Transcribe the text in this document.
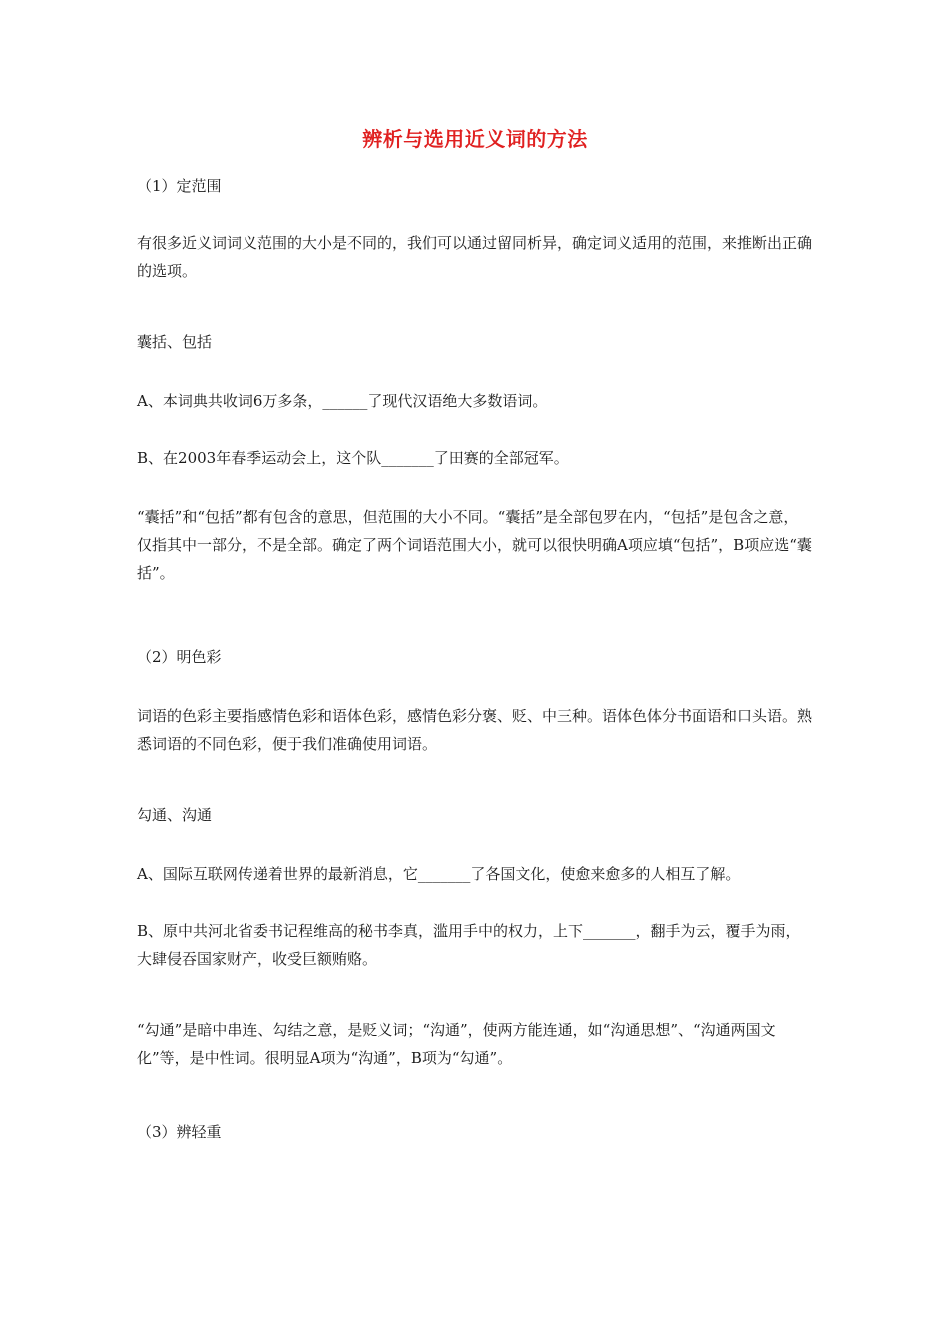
辨析与选用近义词的方法
（1）定范围
有很多近义词词义范围的大小是不同的，我们可以通过留同析异，确定词义适用的范围，来推断出正确的选项。
囊括、包括
A、本词典共收词6万多条，______了现代汉语绝大多数语词。
B、在2003年春季运动会上，这个队_______了田赛的全部冠军。
“囊括”和“包括”都有包含的意思，但范围的大小不同。“囊括”是全部包罗在内，“包括”是包含之意，仅指其中一部分，不是全部。确定了两个词语范围大小，就可以很快明确A项应填“包括”，B项应选“囊括”。
（2）明色彩
词语的色彩主要指感情色彩和语体色彩，感情色彩分褒、贬、中三种。语体色体分书面语和口头语。熟悉词语的不同色彩，便于我们准确使用词语。
勾通、沟通
A、国际互联网传递着世界的最新消息，它_______了各国文化，使愈来愈多的人相互了解。
B、原中共河北省委书记程维高的秘书李真，滥用手中的权力，上下_______，翻手为云，覆手为雨，大肆侵吞国家财产，收受巨额贿赂。
“勾通”是暗中串连、勾结之意，是贬义词；“沟通”，使两方能连通，如“沟通思想”、“沟通两国文化”等，是中性词。很明显A项为“沟通”，B项为“勾通”。
（3）辨轻重
